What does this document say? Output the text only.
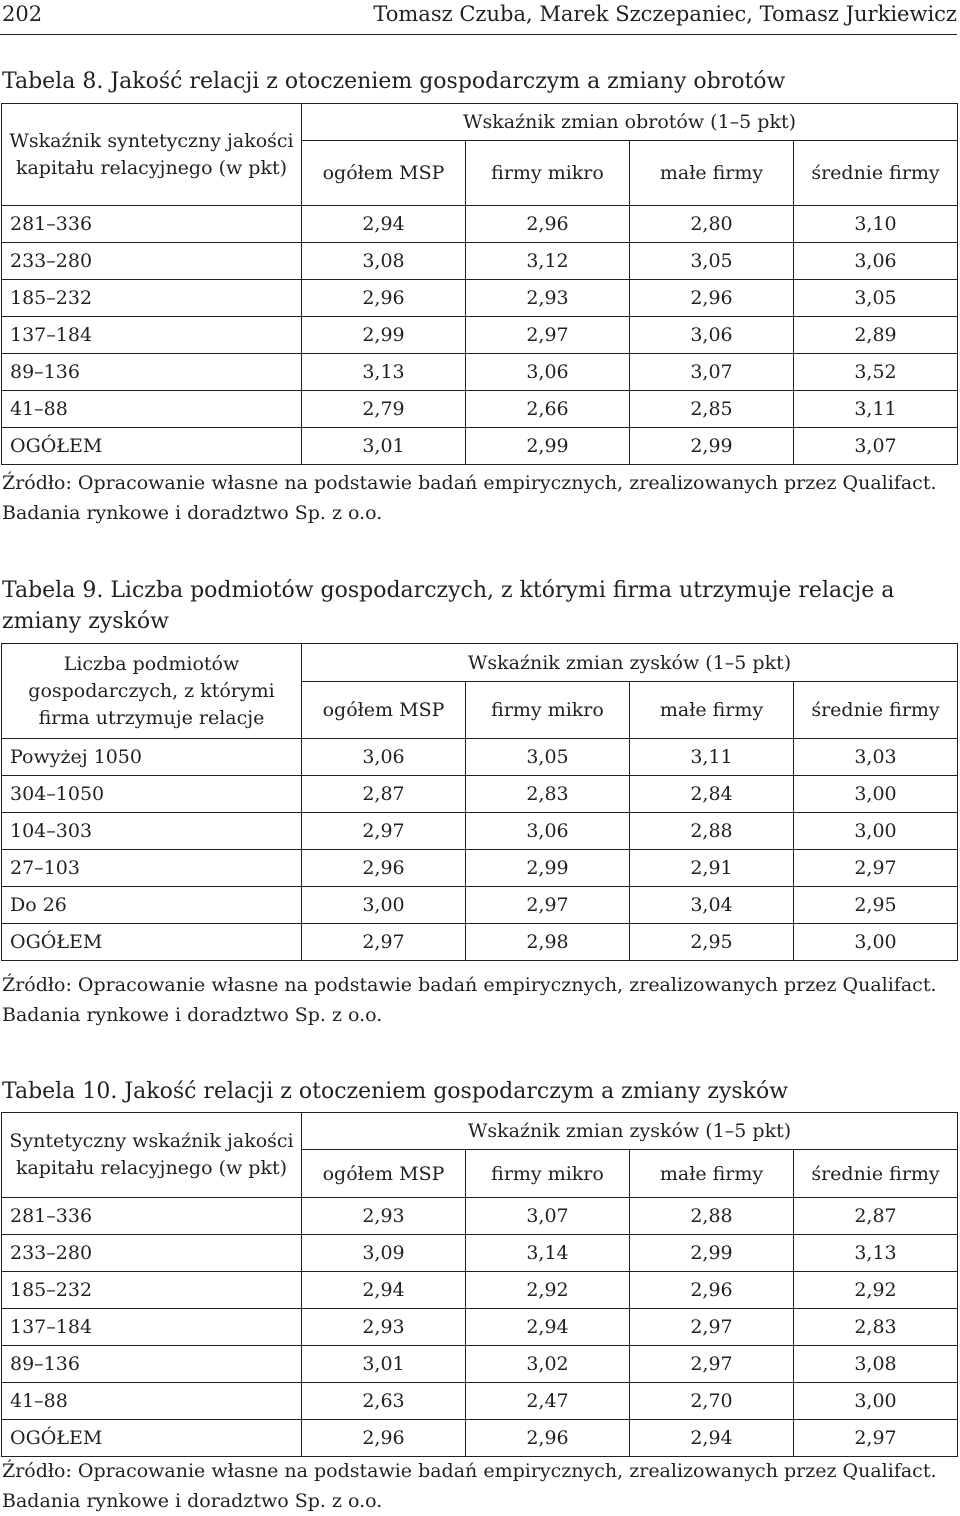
202	Tomasz Czuba, Marek Szczepaniec, Tomasz Jurkiewicz
Tabela 8. Jakość relacji z otoczeniem gospodarczym a zmiany obrotów
Wskaźnik syntetyczny jakości kapitału relacyjnego (w pkt)	Wskaźnik zmian obrotów (1–5 pkt)			
	ogółem MSP	firmy mikro	małe firmy	średnie firmy
281–336	2,94	2,96	2,80	3,10
233–280	3,08	3,12	3,05	3,06
185–232	2,96	2,93	2,96	3,05
137–184	2,99	2,97	3,06	2,89
89–136	3,13	3,06	3,07	3,52
41–88	2,79	2,66	2,85	3,11
OGÓŁEM	3,01	2,99	2,99	3,07
Źródło: Opracowanie własne na podstawie badań empirycznych, zrealizowanych przez Qualifact. Badania rynkowe i doradztwo Sp. z o.o.
Tabela 9. Liczba podmiotów gospodarczych, z którymi firma utrzymuje relacje a zmiany zysków
Liczba podmiotów gospodarczych, z którymi firma utrzymuje relacje	Wskaźnik zmian zysków (1–5 pkt)			
	ogółem MSP	firmy mikro	małe firmy	średnie firmy
Powyżej 1050	3,06	3,05	3,11	3,03
304–1050	2,87	2,83	2,84	3,00
104–303	2,97	3,06	2,88	3,00
27–103	2,96	2,99	2,91	2,97
Do 26	3,00	2,97	3,04	2,95
OGÓŁEM	2,97	2,98	2,95	3,00
Źródło: Opracowanie własne na podstawie badań empirycznych, zrealizowanych przez Qualifact. Badania rynkowe i doradztwo Sp. z o.o.
Tabela 10. Jakość relacji z otoczeniem gospodarczym a zmiany zysków
Syntetyczny wskaźnik jakości kapitału relacyjnego (w pkt)	Wskaźnik zmian zysków (1–5 pkt)			
	ogółem MSP	firmy mikro	małe firmy	średnie firmy
281–336	2,93	3,07	2,88	2,87
233–280	3,09	3,14	2,99	3,13
185–232	2,94	2,92	2,96	2,92
137–184	2,93	2,94	2,97	2,83
89–136	3,01	3,02	2,97	3,08
41–88	2,63	2,47	2,70	3,00
OGÓŁEM	2,96	2,96	2,94	2,97
Źródło: Opracowanie własne na podstawie badań empirycznych, zrealizowanych przez Qualifact. Badania rynkowe i doradztwo Sp. z o.o.
